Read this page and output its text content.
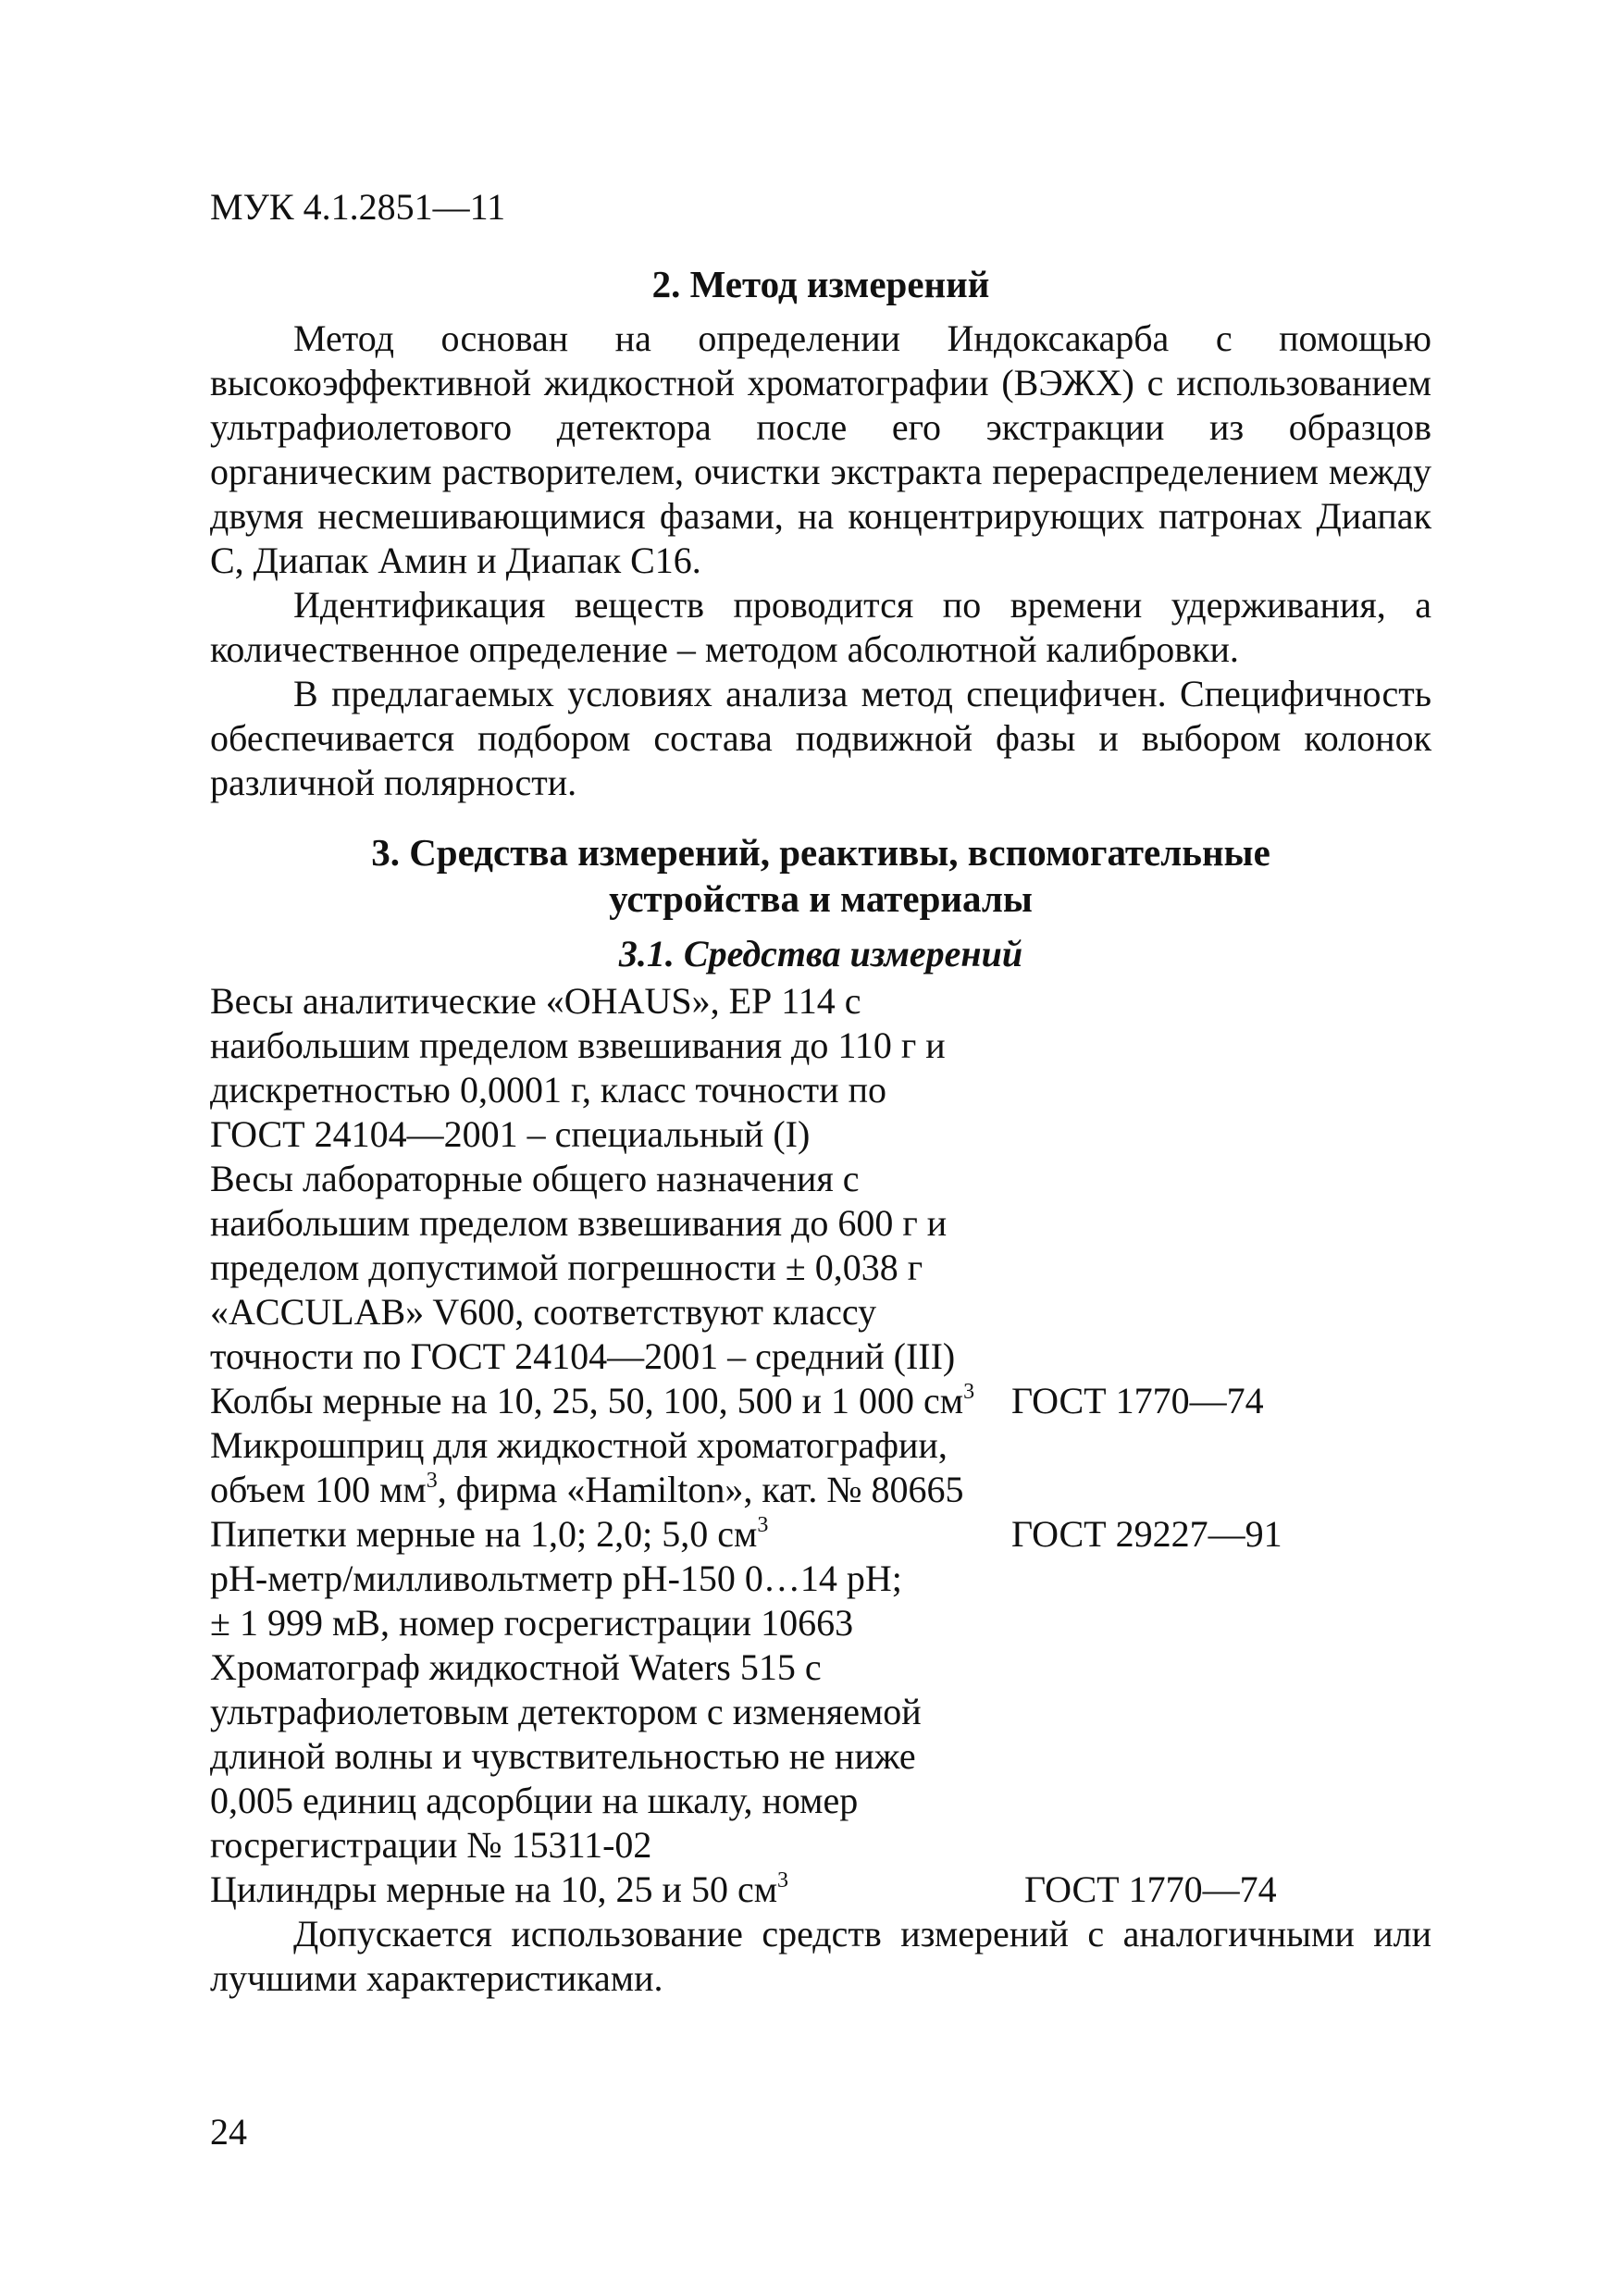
МУК 4.1.2851—11
2. Метод измерений

Метод основан на определении Индоксакарба с помощью высокоэффективной жидкостной хроматографии (ВЭЖХ) с использованием ультрафиолетового детектора после его экстракции из образцов органическим растворителем, очистки экстракта перераспределением между двумя несмешивающимися фазами, на концентрирующих патронах Диапак С, Диапак Амин и Диапак С16.

Идентификация веществ проводится по времени удерживания, а количественное определение – методом абсолютной калибровки.

В предлагаемых условиях анализа метод специфичен. Специфичность обеспечивается подбором состава подвижной фазы и выбором колонок различной полярности.

3. Средства измерений, реактивы, вспомогательные
устройства и материалы
3.1. Средства измерений
Весы аналитические «OHAUS», ЕР 114 с
наибольшим пределом взвешивания до 110 г и
дискретностью 0,0001 г, класс точности по
ГОСТ 24104—2001 – специальный (I)
Весы лабораторные общего назначения с
наибольшим пределом взвешивания до 600 г и
пределом допустимой погрешности ± 0,038 г
«ACCULAB» V600, соответствуют классу
точности по ГОСТ 24104—2001 – средний (III)
Колбы мерные на 10, 25, 50, 100, 500 и 1 000 $см^3$ ГОСТ 1770—74
Микрошприц для жидкостной хроматографии,
объем 100 $мм^3$, фирма «Hamilton», кат. № 80665
Пипетки мерные на 1,0; 2,0; 5,0 $см^3$	ГОСТ 29227—91
рН-метр/милливольтметр рН-150 0…14 рН;
± 1 999 мВ, номер госрегистрации 10663
Хроматограф жидкостной Waters 515 с
ультрафиолетовым детектором с изменяемой
длиной волны и чувствительностью не ниже
0,005 единиц адсорбции на шкалу, номер
госрегистрации № 15311-02
Цилиндры мерные на 10, 25 и 50 $см^3$	ГОСТ 1770—74

Допускается использование средств измерений с аналогичными или лучшими характеристиками.

24
